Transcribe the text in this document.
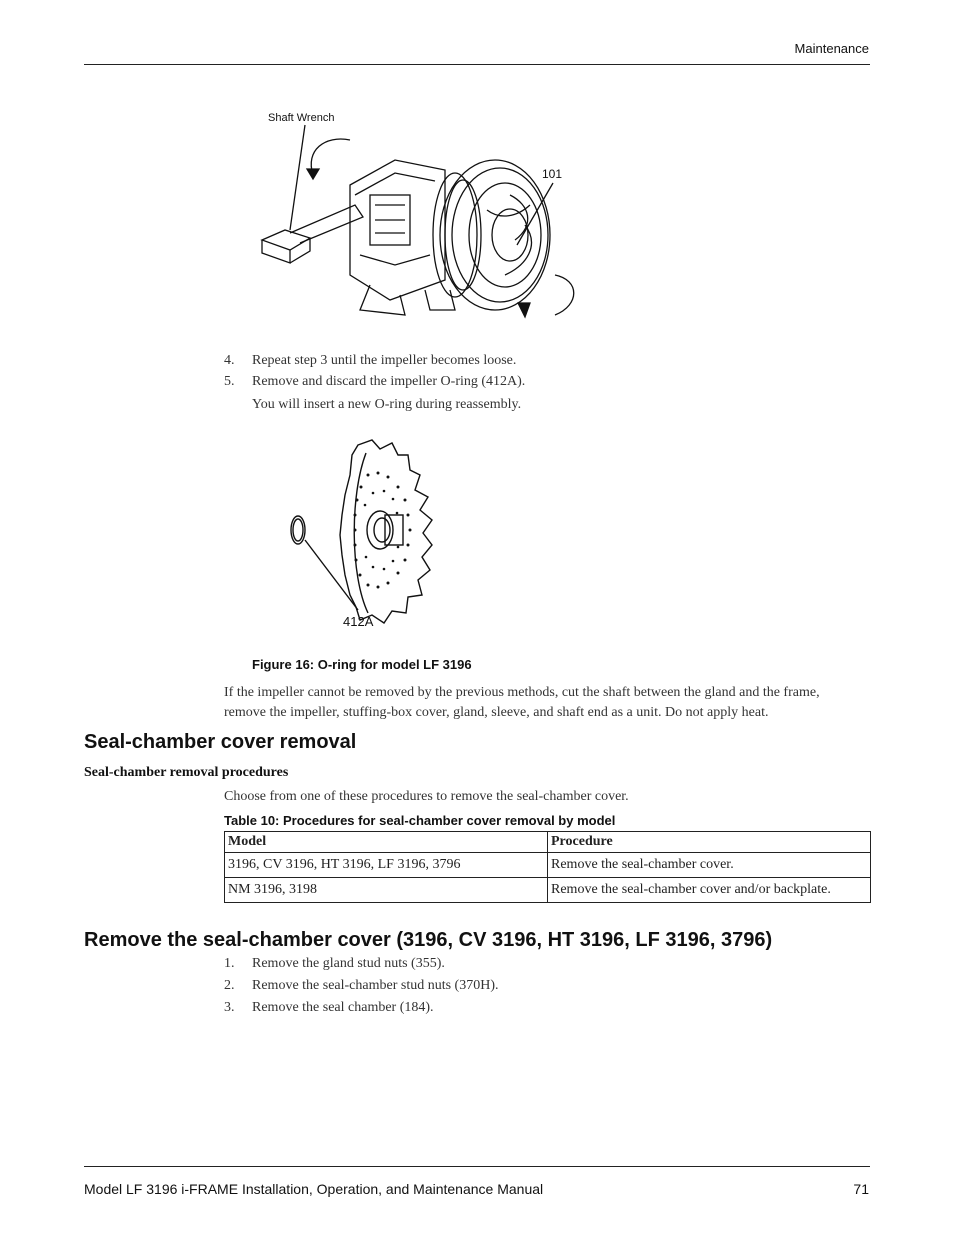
Maintenance
Shaft Wrench
101
4. Repeat step 3 until the impeller becomes loose.
5. Remove and discard the impeller O-ring (412A).
You will insert a new O-ring during reassembly.
412A
Figure 16: O-ring for model LF 3196
If the impeller cannot be removed by the previous methods, cut the shaft between the gland and the frame, remove the impeller, stuffing-box cover, gland, sleeve, and shaft end as a unit. Do not apply heat.
Seal-chamber cover removal
Seal-chamber removal procedures
Choose from one of these procedures to remove the seal-chamber cover.
Table 10: Procedures for seal-chamber cover removal by model
Model	Procedure
3196, CV 3196, HT 3196, LF 3196, 3796	Remove the seal-chamber cover.
NM 3196, 3198	Remove the seal-chamber cover and/or backplate.
Remove the seal-chamber cover (3196, CV 3196, HT 3196, LF 3196, 3796)
1. Remove the gland stud nuts (355).
2. Remove the seal-chamber stud nuts (370H).
3. Remove the seal chamber (184).
Model LF 3196 i-FRAME Installation, Operation, and Maintenance Manual	71
